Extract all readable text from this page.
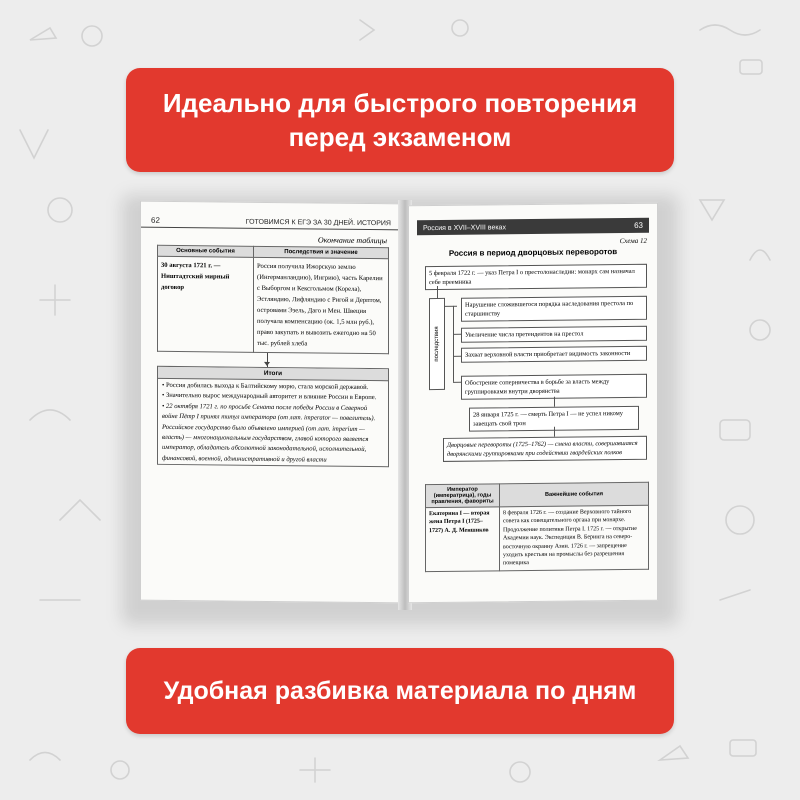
Идеально для быстрого повторения
перед экзаменом
62	ГОТОВИМСЯ К ЕГЭ ЗА 30 ДНЕЙ. ИСТОРИЯ
Окончание таблицы
Основные события	Последствия и значение
30 августа 1721 г. — Ништадтский мирный договор	Россия получила Ижорскую землю (Ингерманландию), Ингрию), часть Карелии с Выборгом и Кексгольмом (Корела), Эстляндию, Лифляндию с Ригой и Дерптом, островами Эзель, Даго и Мен. Швеция получала компенсацию (ок. 1,5 млн руб.), право закупать и вывозить ежегодно на 50 тыс. рублей хлеба
Итоги

• Россия добилась выхода к Балтийскому морю, стала морской державой.

• Значительно вырос международный авторитет и влияние России в Европе.

• 22 октября 1721 г. по просьбе Сената после победы России в Северной войне Пётр I принял титул императора (от лат. imperator — повелитель). Российское государство было объявлено империей (от лат. imperium — власть) — многонациональным государством, главой которого является император, обладатель абсолютной законодательной, исполнительной, финансовой, военной, административной и другой власти

Россия в XVII–XVIII веках	63
Схема 12
Россия в период дворцовых переворотов
5 февраля 1722 г. — указ Петра I о престолонаследии: монарх сам назначал себе преемника
последствия
Нарушение сложившегося порядка наследования престола по старшинству
Увеличение числа претендентов на престол
Захват верховной власти приобретает видимость законности
Обострение соперничества в борьбе за власть между группировками внутри дворянства
28 января 1725 г. — смерть Петра I — не успел никому завещать свой трон
Дворцовые перевороты (1725–1762) — смена власти, совершавшаяся дворянскими группировками при содействии гвардейских полков
Император (императрица), годы правления, фавориты	Важнейшие события
Екатерина I — вторая жена Петра I (1725–1727) А. Д. Меншиков	8 февраля 1726 г. — создание Верховного тайного совета как совещательного органа при монархе. Продолжение политики Петра I. 1725 г. — открытие Академии наук. Экспедиция В. Беринга на северо-восточную окраину Азии. 1726 г. — запрещение уходить крестьян на промыслы без разрешения помещика
Удобная разбивка материала по дням
